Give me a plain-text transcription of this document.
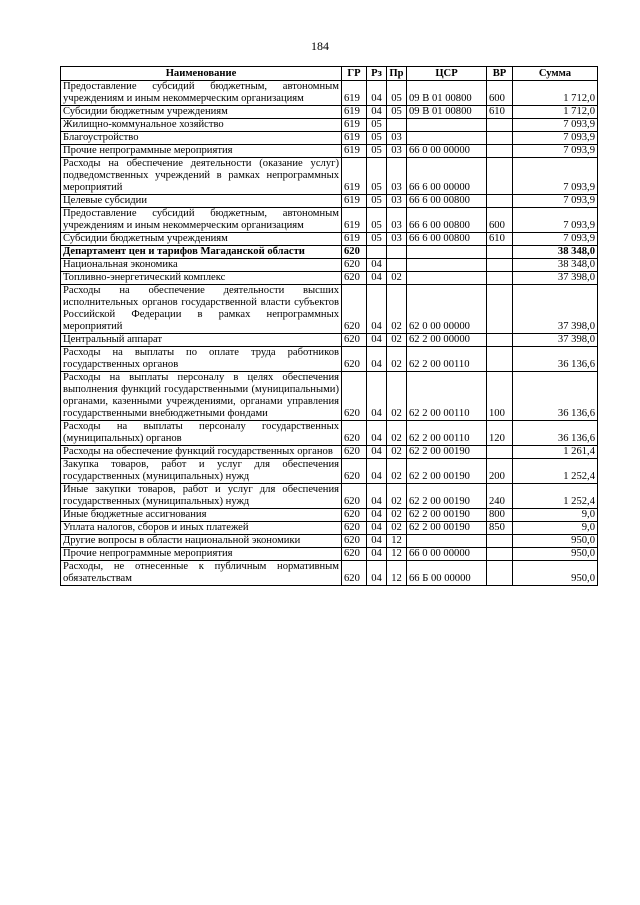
184
Наименование	ГР	Рз	Пр	ЦСР	ВР	Сумма
Предоставление субсидий бюджетным, автономным учреждениям и иным некоммерческим организациям	619	04	05	09 В 01 00800	600	1 712,0
Субсидии бюджетным учреждениям	619	04	05	09 В 01 00800	610	1 712,0
Жилищно-коммунальное хозяйство	619	05				7 093,9
Благоустройство	619	05	03			7 093,9
Прочие непрограммные мероприятия	619	05	03	66 0 00 00000		7 093,9
Расходы на обеспечение деятельности (оказание услуг) подведомственных учреждений в рамках непрограммных мероприятий	619	05	03	66 6 00 00000		7 093,9
Целевые субсидии	619	05	03	66 6 00 00800		7 093,9
Предоставление субсидий бюджетным, автономным учреждениям и иным некоммерческим организациям	619	05	03	66 6 00 00800	600	7 093,9
Субсидии бюджетным учреждениям	619	05	03	66 6 00 00800	610	7 093,9
Департамент цен и тарифов Магаданской области	620					38 348,0
Национальная экономика	620	04				38 348,0
Топливно-энергетический комплекс	620	04	02			37 398,0
Расходы на обеспечение деятельности высших исполнительных органов государственной власти субъектов Российской Федерации в рамках непрограммных мероприятий	620	04	02	62 0 00 00000		37 398,0
Центральный аппарат	620	04	02	62 2 00 00000		37 398,0
Расходы на выплаты по оплате труда работников государственных органов	620	04	02	62 2 00 00110		36 136,6
Расходы на выплаты персоналу в целях обеспечения выполнения функций государственными (муниципальными) органами, казенными учреждениями, органами управления государственными внебюджетными фондами	620	04	02	62 2 00 00110	100	36 136,6
Расходы на выплаты персоналу государственных (муниципальных) органов	620	04	02	62 2 00 00110	120	36 136,6
Расходы на обеспечение функций государственных органов	620	04	02	62 2 00 00190		1 261,4
Закупка товаров, работ и услуг для обеспечения государственных (муниципальных) нужд	620	04	02	62 2 00 00190	200	1 252,4
Иные закупки товаров, работ и услуг для обеспечения государственных (муниципальных) нужд	620	04	02	62 2 00 00190	240	1 252,4
Иные бюджетные ассигнования	620	04	02	62 2 00 00190	800	9,0
Уплата налогов, сборов и иных платежей	620	04	02	62 2 00 00190	850	9,0
Другие вопросы в области национальной экономики	620	04	12			950,0
Прочие непрограммные мероприятия	620	04	12	66 0 00 00000		950,0
Расходы, не отнесенные к публичным нормативным обязательствам	620	04	12	66 Б 00 00000		950,0
